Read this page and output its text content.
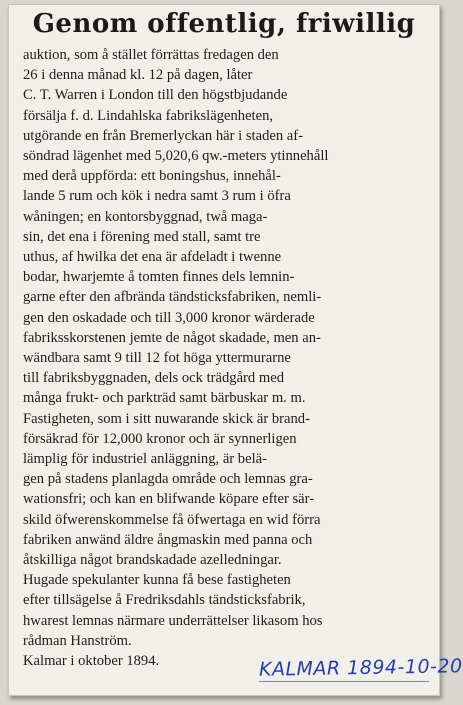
Genom offentlig, friwillig
auktion, som å stället förrättas fredagen den
26 i denna månad kl. 12 på dagen, låter
C. T. Warren i London till den högstbjudande
försälja f. d. Lindahlska fabrikslägenheten,
utgörande en från Bremerlyckan här i staden af-
söndrad lägenhet med 5,020,6 qw.-meters ytinnehåll
med derå uppförda: ett boningshus, innehål-
lande 5 rum och kök i nedra samt 3 rum i öfra
wåningen; en kontorsbyggnad, twå maga-
sin, det ena i förening med stall, samt tre
uthus, af hwilka det ena är afdeladt i twenne
bodar, hwarjemte å tomten finnes dels lemnin-
garne efter den afbrända tändsticksfabriken, nemli-
gen den oskadade och till 3,000 kronor wärderade
fabriksskorstenen jemte de något skadade, men an-
wändbara samt 9 till 12 fot höga yttermurarne
till fabriksbyggnaden, dels ock trädgård med
många frukt- och parkträd samt bärbuskar m. m.
Fastigheten, som i sitt nuwarande skick är brand-
försäkrad för 12,000 kronor och är synnerligen
lämplig för industriel anläggning, är belä-
gen på stadens planlagda område och lemnas gra-
wationsfri; och kan en blifwande köpare efter sär-
skild öfwerenskommelse få öfwertaga en wid förra
fabriken anwänd äldre ångmaskin med panna och
åtskilliga något brandskadade azelledningar.
Hugade spekulanter kunna få bese fastigheten
efter tillsägelse å Fredriksdahls tändsticksfabrik,
hwarest lemnas närmare underrättelser likasom hos
rådman Hanström.
Kalmar i oktober 1894.	KALMAR 1894-10-20
